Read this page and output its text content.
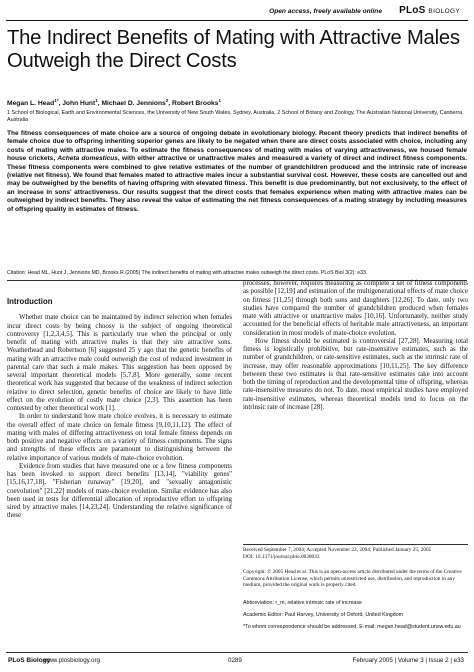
Open access, freely available online PLoS BIOLOGY
The Indirect Benefits of Mating with Attractive Males Outweigh the Direct Costs
Megan L. Head$^{1*}$, John Hunt$^1$, Michael D. Jennions$^2$, Robert Brooks$^1$
1 School of Biological, Earth and Environmental Sciences, the University of New South Wales, Sydney, Australia, 2 School of Botany and Zoology, The Australian National University, Canberra, Australia
The fitness consequences of mate choice are a source of ongoing debate in evolutionary biology. Recent theory predicts that indirect benefits of female choice due to offspring inheriting superior genes are likely to be negated when there are direct costs associated with choice, including any costs of mating with attractive males. To estimate the fitness consequences of mating with males of varying attractiveness, we housed female house crickets, Acheta domesticus, with either attractive or unattractive males and measured a variety of direct and indirect fitness components. These fitness components were combined to give relative estimates of the number of grandchildren produced and the intrinsic rate of increase (relative net fitness). We found that females mated to attractive males incur a substantial survival cost. However, these costs are cancelled out and may be outweighed by the benefits of having offspring with elevated fitness. This benefit is due predominantly, but not exclusively, to the effect of an increase in sons' attractiveness. Our results suggest that the direct costs that females experience when mating with attractive males can be outweighed by indirect benefits. They also reveal the value of estimating the net fitness consequences of a mating strategy by including measures of offspring quality in estimates of fitness.
Citation: Head ML, Hunt J, Jennions MD, Brooks R (2005) The indirect benefits of mating with attractive males outweigh the direct costs. PLoS Biol 3(2): e33.
Introduction

Whether mate choice can be maintained by indirect selection when females incur direct costs by being choosy is the subject of ongoing theoretical controversy [1,2,3,4,5]. This is particularly true when the principal or only benefit of mating with attractive males is that they sire attractive sons. Weatherhead and Robertson [6] suggested 25 y ago that the genetic benefits of mating with an attractive male could outweigh the cost of reduced investment in parental care that such a male makes. This suggestion has been opposed by several important theoretical models [5,7,8]. More generally, some recent theoretical work has suggested that because of the weakness of indirect selection relative to direct selection, genetic benefits of choice are likely to have little effect on the evolution of costly mate choice [2,3]. This assertion has been contested by other theoretical work [1].

In order to understand how mate choice evolves, it is necessary to estimate the overall effect of mate choice on female fitness [9,10,11,12]. The effect of mating with males of differing attractiveness on total female fitness depends on both positive and negative effects on a variety of fitness components. The signs and strengths of these effects are paramount to distinguishing between the relative importance of various models of mate-choice evolution.

Evidence from studies that have measured one or a few fitness components has been invoked to support direct benefits [13,14], "viability genes" [15,16,17,18], "Fisherian runaway" [19,20], and "sexually antagonistic coevolution" [21,22] models of mate-choice evolution. Similar evidence has also been used in tests for differential allocation of reproductive effort to offspring sired by attractive males [14,23,24]. Understanding the relative significance of these

processes, however, requires measuring as complete a set of fitness components as possible [12,19] and estimation of the multigenerational effects of mate choice on fitness [11,25] through both sons and daughters [12,26]. To date, only two studies have compared the number of grandchildren produced when females mate with attractive or unattractive males [10,16]. Unfortunately, neither study accounted for the beneficial effects of heritable male attractiveness, an important consideration in most models of mate-choice evolution.

How fitness should be estimated is controversial [27,28]. Measuring total fitness is logistically prohibitive, but rate-insensitive estimates, such as the number of grandchildren, or rate-sensitive estimates, such as the intrinsic rate of increase, may offer reasonable approximations [10,11,25]. The key difference between these two estimates is that rate-sensitive estimates take into account both the timing of reproduction and the developmental time of offspring, whereas rate-insensitive measures do not. To date, most empirical studies have employed rate-insensitive estimates, whereas theoretical models tend to focus on the intrinsic rate of increase [28].

Received September 7, 2004; Accepted November 22, 2004; Published January 25, 2005
DOI: 10.1371/journal.pbio.0030033
Copyright: © 2005 Head et al. This is an open-access article distributed under the terms of the Creative Commons Attribution License, which permits unrestricted use, distribution, and reproduction in any medium, provided the original work is properly cited.
Abbreviation: r_m, relative intrinsic rate of increase
Academic Editor: Paul Harvey, University of Oxford, United Kingdom
*To whom correspondence should be addressed. E-mail: megan.head@student.unsw.edu.au
PLoS Biology
www.plosbiology.org	0289	February 2005 | Volume 3 | Issue 2 | e33
